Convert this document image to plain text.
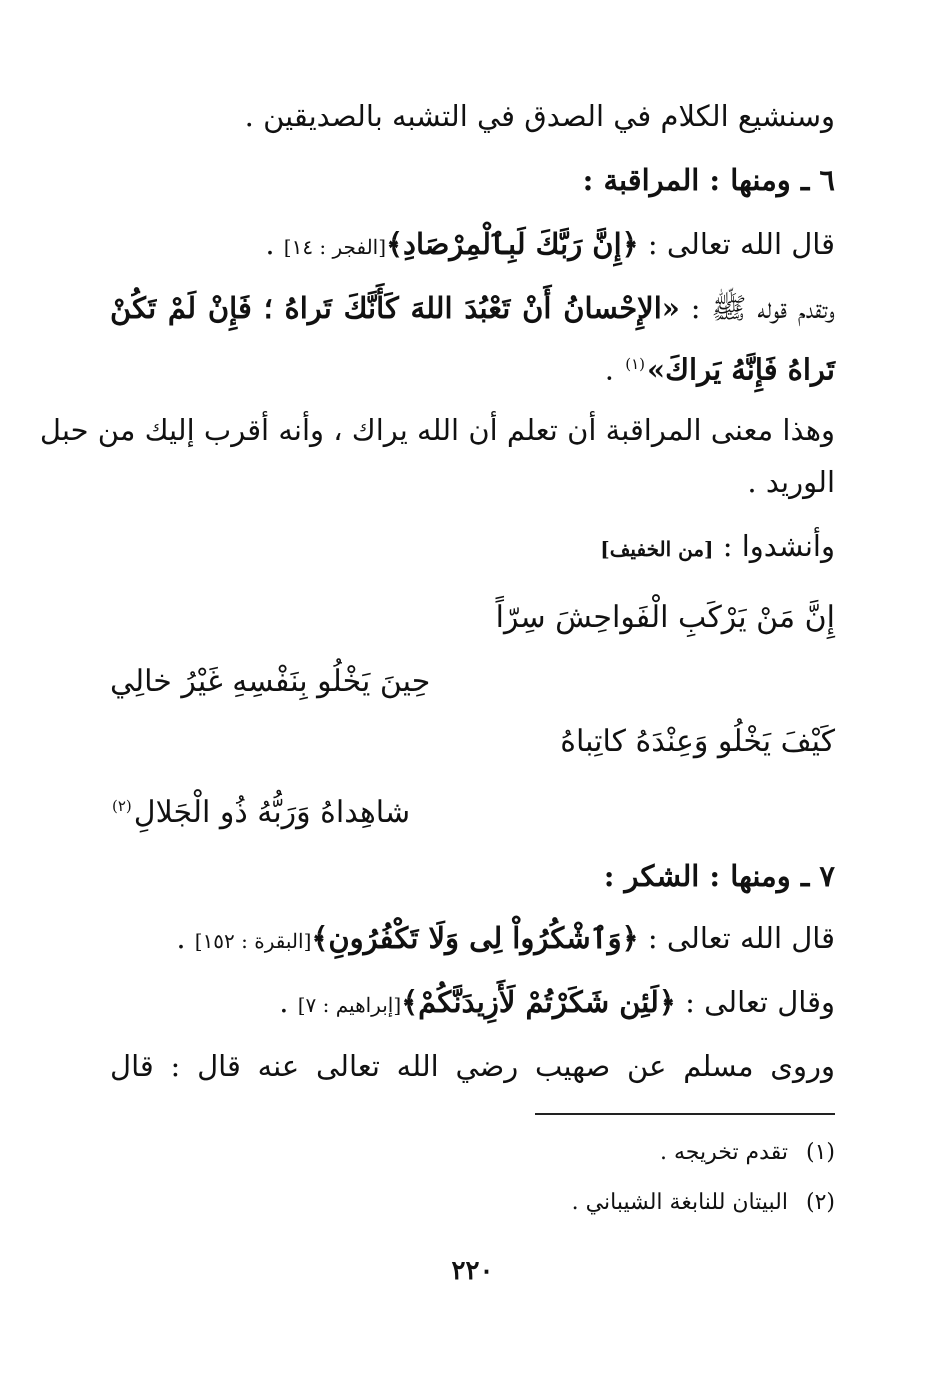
وسنشيع الكلام في الصدق في التشبه بالصديقين .
٦ ـ ومنها : المراقبة :
قال الله تعالى : ﴿إِنَّ رَبَّكَ لَبِٱلْمِرْصَادِ﴾[الفجر : ١٤] .
وتقدم قوله ﷺ : «الإِحْسانُ أَنْ تَعْبُدَ اللهَ كَأَنَّكَ تَراهُ ؛ فَإِنْ لَمْ تَكُنْ
تَراهُ فَإِنَّهُ يَراكَ»$^{(١)}$ .
وهذا معنى المراقبة أن تعلم أن الله يراك ، وأنه أقرب إليك من حبل
الوريد .
وأنشدوا : [من الخفيف]
إِنَّ مَنْ يَرْكَبِ الْفَواحِشَ سِرّاً
حِينَ يَخْلُو بِنَفْسِهِ غَيْرُ خالِي
كَيْفَ يَخْلُو وَعِنْدَهُ كاتِباهُ
شاهِداهُ وَرَبُّهُ ذُو الْجَلالِ$^{(٢)}$
٧ ـ ومنها : الشكر :
قال الله تعالى : ﴿وَٱشْكُرُواْ لِى وَلَا تَكْفُرُونِ﴾[البقرة : ١٥٢] .
وقال تعالى : ﴿لَئِن شَكَرْتُمْ لَأَزِيدَنَّكُمْ﴾[إبراهيم : ٧] .
وروى مسلم عن صهيب رضي الله تعالى عنه قال : قال
(١)تقدم تخريجه .
(٢)البيتان للنابغة الشيباني .
٢٢٠
